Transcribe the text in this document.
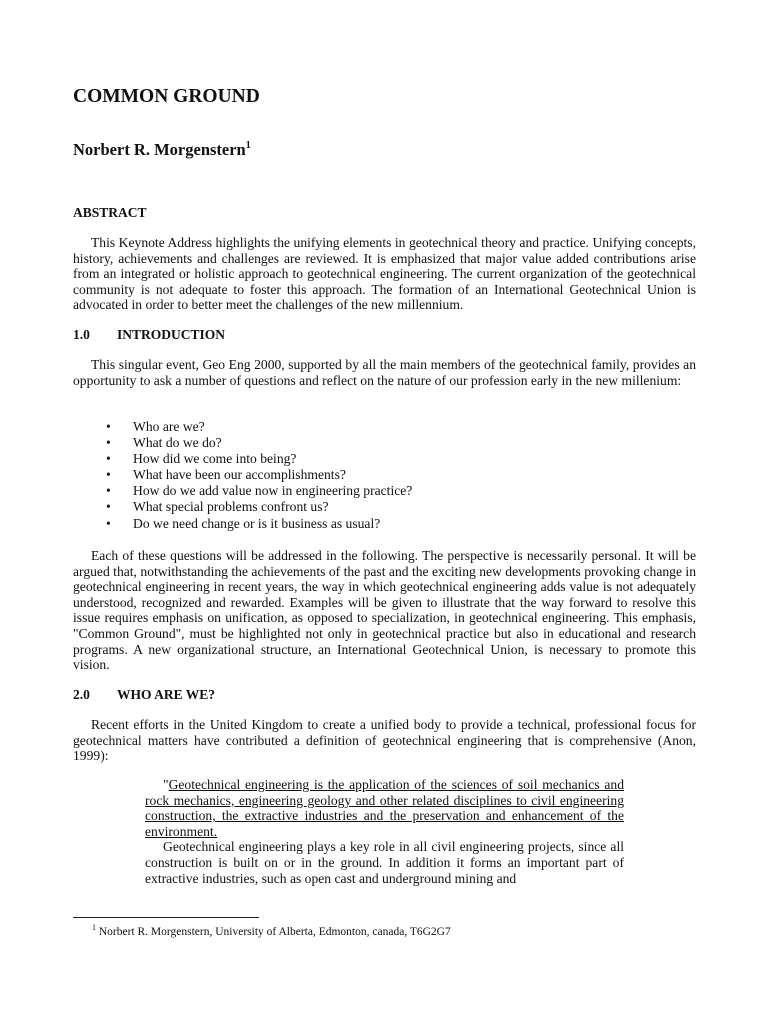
COMMON GROUND
Norbert R. Morgenstern$^1$
ABSTRACT
This Keynote Address highlights the unifying elements in geotechnical theory and practice. Unifying concepts, history, achievements and challenges are reviewed. It is emphasized that major value added contributions arise from an integrated or holistic approach to geotechnical engineering. The current organization of the geotechnical community is not adequate to foster this approach. The formation of an International Geotechnical Union is advocated in order to better meet the challenges of the new millennium.
1.0 INTRODUCTION
This singular event, Geo Eng 2000, supported by all the main members of the geotechnical family, provides an opportunity to ask a number of questions and reflect on the nature of our profession early in the new millenium:
• Who are we?
• What do we do?
• How did we come into being?
• What have been our accomplishments?
• How do we add value now in engineering practice?
• What special problems confront us?
• Do we need change or is it business as usual?
Each of these questions will be addressed in the following. The perspective is necessarily personal. It will be argued that, notwithstanding the achievements of the past and the exciting new developments provoking change in geotechnical engineering in recent years, the way in which geotechnical engineering adds value is not adequately understood, recognized and rewarded. Examples will be given to illustrate that the way forward to resolve this issue requires emphasis on unification, as opposed to specialization, in geotechnical engineering. This emphasis, "Common Ground", must be highlighted not only in geotechnical practice but also in educational and research programs. A new organizational structure, an International Geotechnical Union, is necessary to promote this vision.
2.0 WHO ARE WE?
Recent efforts in the United Kingdom to create a unified body to provide a technical, professional focus for geotechnical matters have contributed a definition of geotechnical engineering that is comprehensive (Anon, 1999):
"Geotechnical engineering is the application of the sciences of soil mechanics and rock mechanics, engineering geology and other related disciplines to civil engineering construction, the extractive industries and the preservation and enhancement of the environment.
Geotechnical engineering plays a key role in all civil engineering projects, since all construction is built on or in the ground. In addition it forms an important part of extractive industries, such as open cast and underground mining and
$^1$ Norbert R. Morgenstern, University of Alberta, Edmonton, canada, T6G2G7
